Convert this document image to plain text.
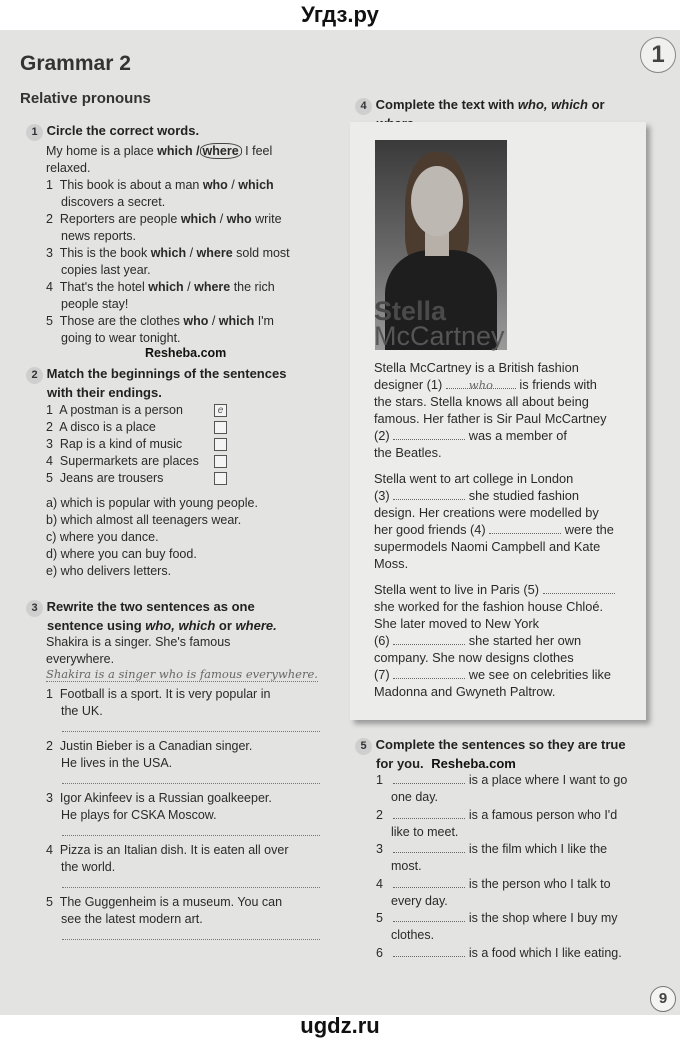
Угдз.ру
1
9
Grammar 2
Relative pronouns
1 Circle the correct words.
My home is a place which / where I feel
relaxed.
1 This book is about a man who / which
discovers a secret.
2 Reporters are people which / who write
news reports.
3 This is the book which / where sold most
copies last year.
4 That's the hotel which / where the rich
people stay!
5 Those are the clothes who / which I'm
going to wear tonight.
Resheba.com
2 Match the beginnings of the sentences
with their endings.
1 A postman is a person	e
2 A disco is a place
3 Rap is a kind of music
4 Supermarkets are places
5 Jeans are trousers
a) which is popular with young people.
b) which almost all teenagers wear.
c) where you dance.
d) where you can buy food.
e) who delivers letters.
3 Rewrite the two sentences as one
sentence using who, which or where.
Shakira is a singer. She's famous
everywhere.
Shakira is a singer who is famous everywhere.
1 Football is a sport. It is very popular in
the UK.
2 Justin Bieber is a Canadian singer.
He lives in the USA.
3 Igor Akinfeev is a Russian goalkeeper.
He plays for CSKA Moscow.
4 Pizza is an Italian dish. It is eaten all over
the world.
5 The Guggenheim is a museum. You can
see the latest modern art.
4 Complete the text with who, which or

Stella
McCartney
Stella McCartney is a British fashion
designer (1) who is friends with
the stars. Stella knows all about being
famous. Her father is Sir Paul McCartney
(2)	was a member of
the Beatles.
Stella went to art college in London
(3)	she studied fashion
design. Her creations were modelled by
her good friends (4)	were the
supermodels Naomi Campbell and Kate
Moss.
Stella went to live in Paris (5)
she worked for the fashion house Chloé.
She later moved to New York
(6)	she started her own
company. She now designs clothes
(7)	we see on celebrities like
Madonna and Gwyneth Paltrow.
5 Complete the sentences so they are true
for you. Resheba.com
1	is a place where I want to go
one day.
2	is a famous person who I'd
like to meet.
3	is the film which I like the
most.
4	is the person who I talk to
every day.
5	is the shop where I buy my
clothes.
6	is a food which I like eating.
ugdz.ru
